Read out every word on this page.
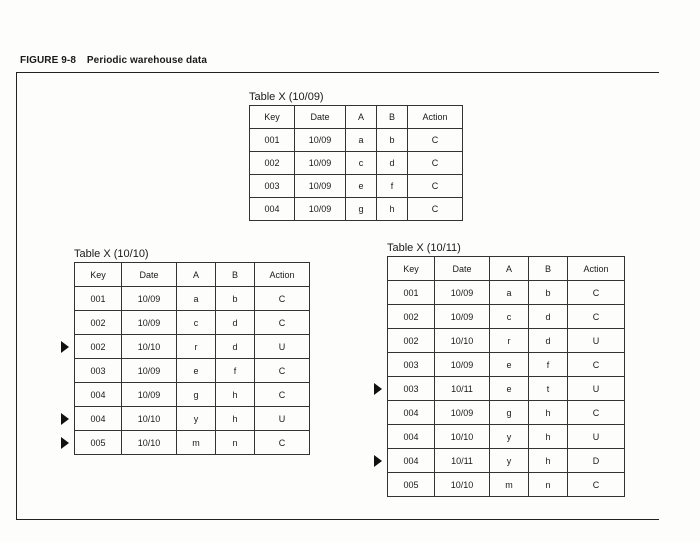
FIGURE 9-8 Periodic warehouse data
Table X (10/09)
Key	Date	A	B	Action
001	10/09	a	b	C
002	10/09	c	d	C
003	10/09	e	f	C
004	10/09	g	h	C
Table X (10/10)
Key	Date	A	B	Action
001	10/09	a	b	C
002	10/09	c	d	C
002	10/10	r	d	U
003	10/09	e	f	C
004	10/09	g	h	C
004	10/10	y	h	U
005	10/10	m	n	C
Table X (10/11)
Key	Date	A	B	Action
001	10/09	a	b	C
002	10/09	c	d	C
002	10/10	r	d	U
003	10/09	e	f	C
003	10/11	e	t	U
004	10/09	g	h	C
004	10/10	y	h	U
004	10/11	y	h	D
005	10/10	m	n	C
